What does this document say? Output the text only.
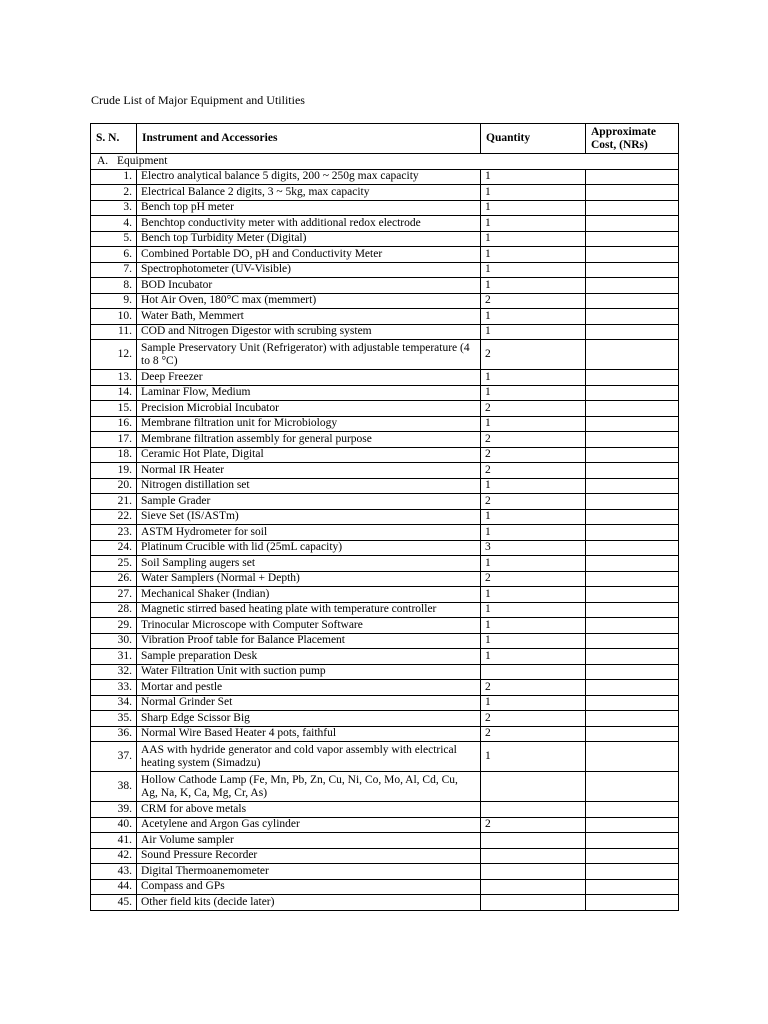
Crude List of Major Equipment and Utilities
S. N.	Instrument and Accessories	Quantity	Approximate Cost, (NRs)
A. Equipment			
1.	Electro analytical balance 5 digits, 200 ~ 250g max capacity	1	
2.	Electrical Balance 2 digits, 3 ~ 5kg, max capacity	1	
3.	Bench top pH meter	1	
4.	Benchtop conductivity meter with additional redox electrode	1	
5.	Bench top Turbidity Meter (Digital)	1	
6.	Combined Portable DO, pH and Conductivity Meter	1	
7.	Spectrophotometer (UV-Visible)	1	
8.	BOD Incubator	1	
9.	Hot Air Oven, 180°C max (memmert)	2	
10.	Water Bath, Memmert	1	
11.	COD and Nitrogen Digestor with scrubing system	1	
12.	Sample Preservatory Unit (Refrigerator) with adjustable temperature (4 to 8 °C)	2	
13.	Deep Freezer	1	
14.	Laminar Flow, Medium	1	
15.	Precision Microbial Incubator	2	
16.	Membrane filtration unit for Microbiology	1	
17.	Membrane filtration assembly for general purpose	2	
18.	Ceramic Hot Plate, Digital	2	
19.	Normal IR Heater	2	
20.	Nitrogen distillation set	1	
21.	Sample Grader	2	
22.	Sieve Set (IS/ASTm)	1	
23.	ASTM Hydrometer for soil	1	
24.	Platinum Crucible with lid (25mL capacity)	3	
25.	Soil Sampling augers set	1	
26.	Water Samplers (Normal + Depth)	2	
27.	Mechanical Shaker (Indian)	1	
28.	Magnetic stirred based heating plate with temperature controller	1	
29.	Trinocular Microscope with Computer Software	1	
30.	Vibration Proof table for Balance Placement	1	
31.	Sample preparation Desk	1	
32.	Water Filtration Unit with suction pump		
33.	Mortar and pestle	2	
34.	Normal Grinder Set	1	
35.	Sharp Edge Scissor Big	2	
36.	Normal Wire Based Heater 4 pots, faithful	2	
37.	AAS with hydride generator and cold vapor assembly with electrical heating system (Simadzu)	1	
38.	Hollow Cathode Lamp (Fe, Mn, Pb, Zn, Cu, Ni, Co, Mo, Al, Cd, Cu, Ag, Na, K, Ca, Mg, Cr, As)		
39.	CRM for above metals		
40.	Acetylene and Argon Gas cylinder	2	
41.	Air Volume sampler		
42.	Sound Pressure Recorder		
43.	Digital Thermoanemometer		
44.	Compass and GPs		
45.	Other field kits (decide later)		
